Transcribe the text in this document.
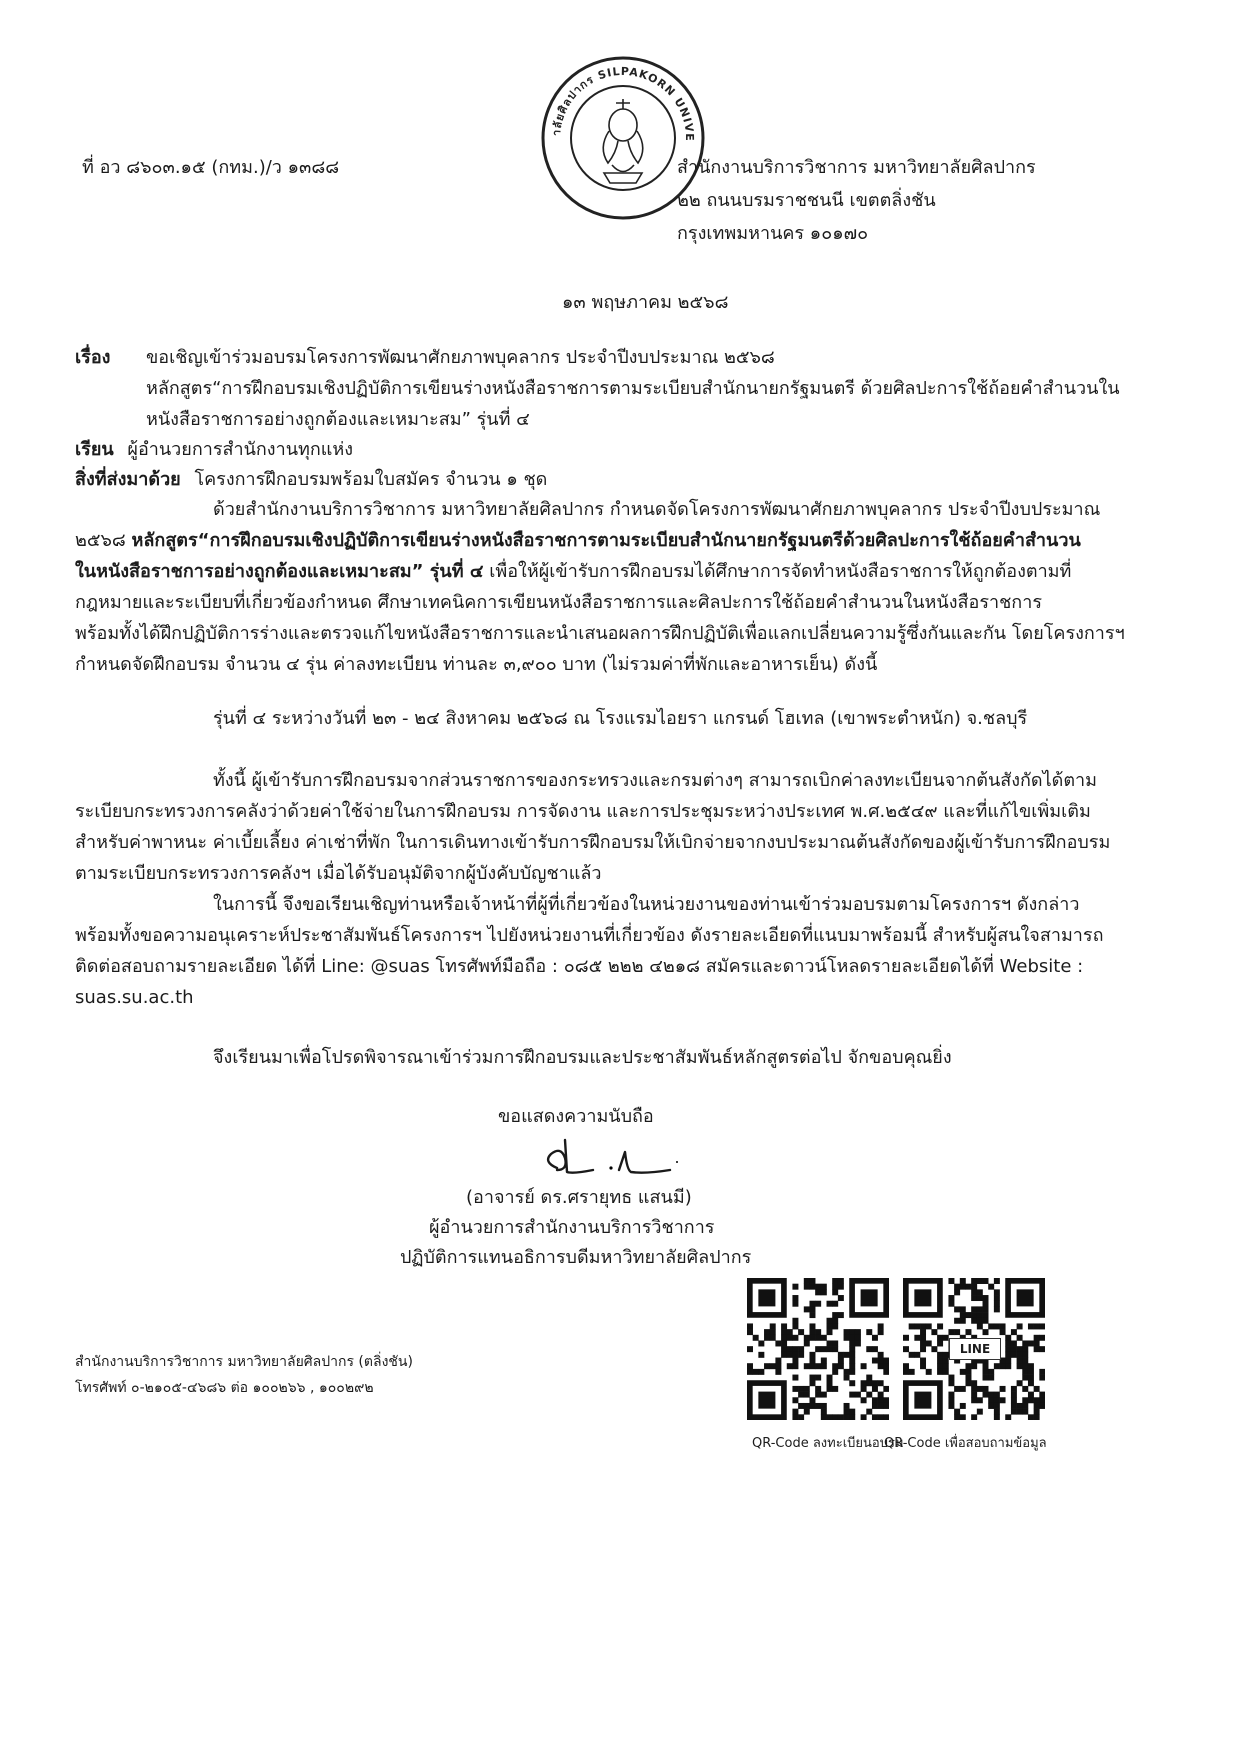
าลัยศิลปากร SILPAKORN UNIVE
ที่ อว ๘๖๐๓.๑๕ (กทม.)/ว ๑๓๘๘	สำนักงานบริการวิชาการ มหาวิทยาลัยศิลปากร
๒๒ ถนนบรมราชชนนี เขตตลิ่งชัน
กรุงเทพมหานคร ๑๐๑๗๐
๑๓ พฤษภาคม ๒๕๖๘
เรื่อง ขอเชิญเข้าร่วมอบรมโครงการพัฒนาศักยภาพบุคลากร ประจำปีงบประมาณ ๒๕๖๘
หลักสูตร“การฝึกอบรมเชิงปฏิบัติการเขียนร่างหนังสือราชการตามระเบียบสำนักนายกรัฐมนตรี ด้วยศิลปะการใช้ถ้อยคำสำนวนใน
หนังสือราชการอย่างถูกต้องและเหมาะสม” รุ่นที่ ๔
เรียน ผู้อำนวยการสำนักงานทุกแห่ง
สิ่งที่ส่งมาด้วย โครงการฝึกอบรมพร้อมใบสมัคร จำนวน ๑ ชุด
ด้วยสำนักงานบริการวิชาการ มหาวิทยาลัยศิลปากร กำหนดจัดโครงการพัฒนาศักยภาพบุคลากร ประจำปีงบประมาณ
๒๕๖๘ หลักสูตร“การฝึกอบรมเชิงปฏิบัติการเขียนร่างหนังสือราชการตามระเบียบสำนักนายกรัฐมนตรีด้วยศิลปะการใช้ถ้อยคำสำนวน
ในหนังสือราชการอย่างถูกต้องและเหมาะสม” รุ่นที่ ๔ เพื่อให้ผู้เข้ารับการฝึกอบรมได้ศึกษาการจัดทำหนังสือราชการให้ถูกต้องตามที่
กฎหมายและระเบียบที่เกี่ยวข้องกำหนด ศึกษาเทคนิคการเขียนหนังสือราชการและศิลปะการใช้ถ้อยคำสำนวนในหนังสือราชการ
พร้อมทั้งได้ฝึกปฏิบัติการร่างและตรวจแก้ไขหนังสือราชการและนำเสนอผลการฝึกปฏิบัติเพื่อแลกเปลี่ยนความรู้ซึ่งกันและกัน โดยโครงการฯ
กำหนดจัดฝึกอบรม จำนวน ๔ รุ่น ค่าลงทะเบียน ท่านละ ๓,๙๐๐ บาท (ไม่รวมค่าที่พักและอาหารเย็น) ดังนี้
รุ่นที่ ๔ ระหว่างวันที่ ๒๓ - ๒๔ สิงหาคม ๒๕๖๘ ณ โรงแรมไอยรา แกรนด์ โฮเทล (เขาพระตำหนัก) จ.ชลบุรี
ทั้งนี้ ผู้เข้ารับการฝึกอบรมจากส่วนราชการของกระทรวงและกรมต่างๆ สามารถเบิกค่าลงทะเบียนจากต้นสังกัดได้ตาม
ระเบียบกระทรวงการคลังว่าด้วยค่าใช้จ่ายในการฝึกอบรม การจัดงาน และการประชุมระหว่างประเทศ พ.ศ.๒๕๔๙ และที่แก้ไขเพิ่มเติม
สำหรับค่าพาหนะ ค่าเบี้ยเลี้ยง ค่าเช่าที่พัก ในการเดินทางเข้ารับการฝึกอบรมให้เบิกจ่ายจากงบประมาณต้นสังกัดของผู้เข้ารับการฝึกอบรม
ตามระเบียบกระทรวงการคลังฯ เมื่อได้รับอนุมัติจากผู้บังคับบัญชาแล้ว
ในการนี้ จึงขอเรียนเชิญท่านหรือเจ้าหน้าที่ผู้ที่เกี่ยวข้องในหน่วยงานของท่านเข้าร่วมอบรมตามโครงการฯ ดังกล่าว
พร้อมทั้งขอความอนุเคราะห์ประชาสัมพันธ์โครงการฯ ไปยังหน่วยงานที่เกี่ยวข้อง ดังรายละเอียดที่แนบมาพร้อมนี้ สำหรับผู้สนใจสามารถ
ติดต่อสอบถามรายละเอียด ได้ที่ Line: @suas โทรศัพท์มือถือ : ๐๘๕ ๒๒๒ ๔๒๑๘ สมัครและดาวน์โหลดรายละเอียดได้ที่ Website :
suas.su.ac.th
จึงเรียนมาเพื่อโปรดพิจารณาเข้าร่วมการฝึกอบรมและประชาสัมพันธ์หลักสูตรต่อไป จักขอบคุณยิ่ง
ขอแสดงความนับถือ
(อาจารย์ ดร.ศรายุทธ แสนมี)
ผู้อำนวยการสำนักงานบริการวิชาการ
ปฏิบัติการแทนอธิการบดีมหาวิทยาลัยศิลปากร
สำนักงานบริการวิชาการ มหาวิทยาลัยศิลปากร (ตลิ่งชัน)
โทรศัพท์ ๐-๒๑๐๕-๔๖๘๖ ต่อ ๑๐๐๒๖๖ , ๑๐๐๒๙๒
LINE
QR-Code ลงทะเบียนอบรม
QR-Code เพื่อสอบถามข้อมูล
